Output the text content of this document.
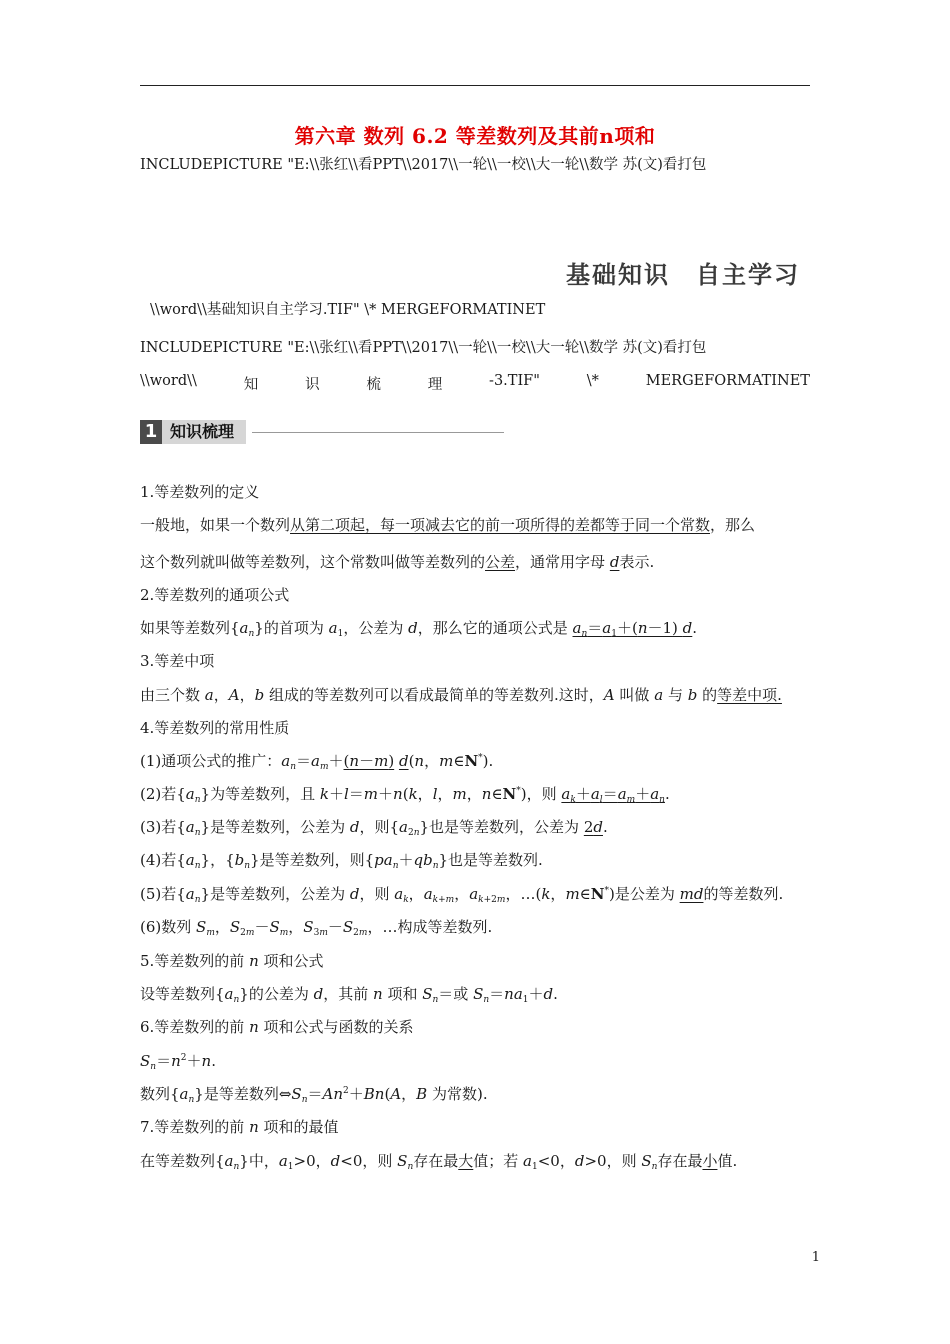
第六章 数列 6.2 等差数列及其前n项和
INCLUDEPICTURE "E:\\张红\\看PPT\\2017\\一轮\\一校\\大一轮\\数学 苏(文)看打包
基础知识　自主学习
\\word\\基础知识自主学习.TIF" \* MERGEFORMATINET
INCLUDEPICTURE "E:\\张红\\看PPT\\2017\\一轮\\一校\\大一轮\\数学 苏(文)看打包
\\word\\	知	识	梳	理	-3.TIF"	\*	MERGEFORMATINET
1 知识梳理
1.等差数列的定义
一般地，如果一个数列从第二项起，每一项减去它的前一项所得的差都等于同一个常数，那么
这个数列就叫做等差数列，这个常数叫做等差数列的公差，通常用字母 d表示.
2.等差数列的通项公式
如果等差数列$\{a_n\}$的首项为 $a_1$，公差为 d，那么它的通项公式是 $a_n=a_1+(n-1)$ d.
3.等差中项
由三个数 a，A，b 组成的等差数列可以看成最简单的等差数列.这时，A 叫做 a 与 b 的等差中项.
4.等差数列的常用性质
(1)通项公式的推广：$a_n=a_m+(n-m)$ d(n，m∈N*).
(2)若$\{a_n\}$为等差数列，且 k＋l＝m＋n(k，l，m，n∈N*)，则 $a_k+a_l=a_m+a_n$.
(3)若$\{a_n\}$是等差数列，公差为 d，则$\{a_{2n}\}$也是等差数列，公差为 2d.
(4)若$\{a_n\}$，$\{b_n\}$是等差数列，则$\{pa_n+qb_n\}$也是等差数列.
(5)若$\{a_n\}$是等差数列，公差为 d，则 $a_k$，$a_{k+m}$，$a_{k+2m}$，…(k，m∈N*)是公差为 md的等差数列.
(6)数列 $S_m$，$S_{2m}-S_m$，$S_{3m}-S_{2m}$，…构成等差数列.
5.等差数列的前 n 项和公式
设等差数列$\{a_n\}$的公差为 d，其前 n 项和 $S_n=$或 $S_n=na_1+d$.
6.等差数列的前 n 项和公式与函数的关系
$S_n=n^2+n$.
数列$\{a_n\}$是等差数列$\Leftrightarrow S_n=An^2+Bn(A$，B 为常数).
7.等差数列的前 n 项和的最值
在等差数列$\{a_n\}$中，$a_1>0$，d<0，则 $S_n$存在最大值；若 $a_1<0$，d>0，则 $S_n$存在最小值.
1
